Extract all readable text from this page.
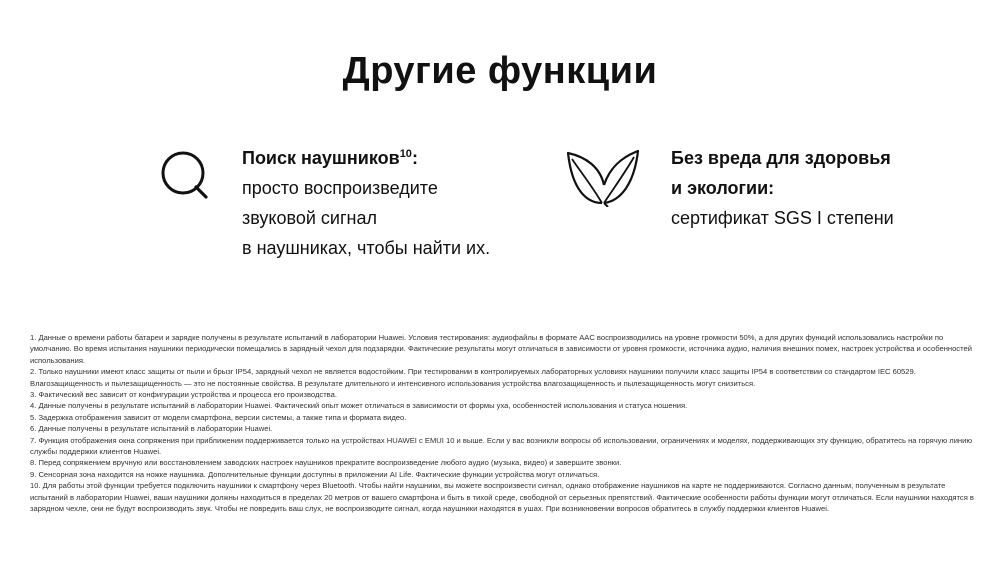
Другие функции
Поиск наушников$^{10}$:
просто воспроизведите
звуковой сигнал
в наушниках, чтобы найти их.
Без вреда для здоровья
и экологии:
сертификат SGS I степени

1. Данные о времени работы батареи и зарядке получены в результате испытаний в лаборатории Huawei. Условия тестирования: аудиофайлы в формате AAC воспроизводились на уровне громкости 50%, а для других функций использовались настройки по умолчанию. Во время испытания наушники периодически помещались в зарядный чехол для подзарядки. Фактические результаты могут отличаться в зависимости от уровня громкости, источника аудио, наличия внешних помех, настроек устройства и особенностей использования.

2. Только наушники имеют класс защиты от пыли и брызг IP54, зарядный чехол не является водостойким. При тестировании в контролируемых лабораторных условиях наушники получили класс защиты IP54 в соответствии со стандартом IEC 60529. Влагозащищенность и пылезащищенность — это не постоянные свойства. В результате длительного и интенсивного использования устройства влагозащищенность и пылезащищенность могут снизиться.

3. Фактический вес зависит от конфигурации устройства и процесса его производства.

4. Данные получены в результате испытаний в лаборатории Huawei. Фактический опыт может отличаться в зависимости от формы уха, особенностей использования и статуса ношения.

5. Задержка отображения зависит от модели смартфона, версии системы, а также типа и формата видео.

6. Данные получены в результате испытаний в лаборатории Huawei.

7. Функция отображения окна сопряжения при приближении поддерживается только на устройствах HUAWEI с EMUI 10 и выше. Если у вас возникли вопросы об использовании, ограничениях и моделях, поддерживающих эту функцию, обратитесь на горячую линию службы поддержки клиентов Huawei.

8. Перед сопряжением вручную или восстановлением заводских настроек наушников прекратите воспроизведение любого аудио (музыка, видео) и завершите звонки.

9. Сенсорная зона находится на ножке наушника. Дополнительные функции доступны в приложении AI Life. Фактические функции устройства могут отличаться.

10. Для работы этой функции требуется подключить наушники к смартфону через Bluetooth. Чтобы найти наушники, вы можете воспроизвести сигнал, однако отображение наушников на карте не поддерживаются. Согласно данным, полученным в результате испытаний в лаборатории Huawei, ваши наушники должны находиться в пределах 20 метров от вашего смартфона и быть в тихой среде, свободной от серьезных препятствий. Фактические особенности работы функции могут отличаться. Если наушники находятся в зарядном чехле, они не будут воспроизводить звук. Чтобы не повредить ваш слух, не воспроизводите сигнал, когда наушники находятся в ушах. При возникновении вопросов обратитесь в службу поддержки клиентов Huawei.
